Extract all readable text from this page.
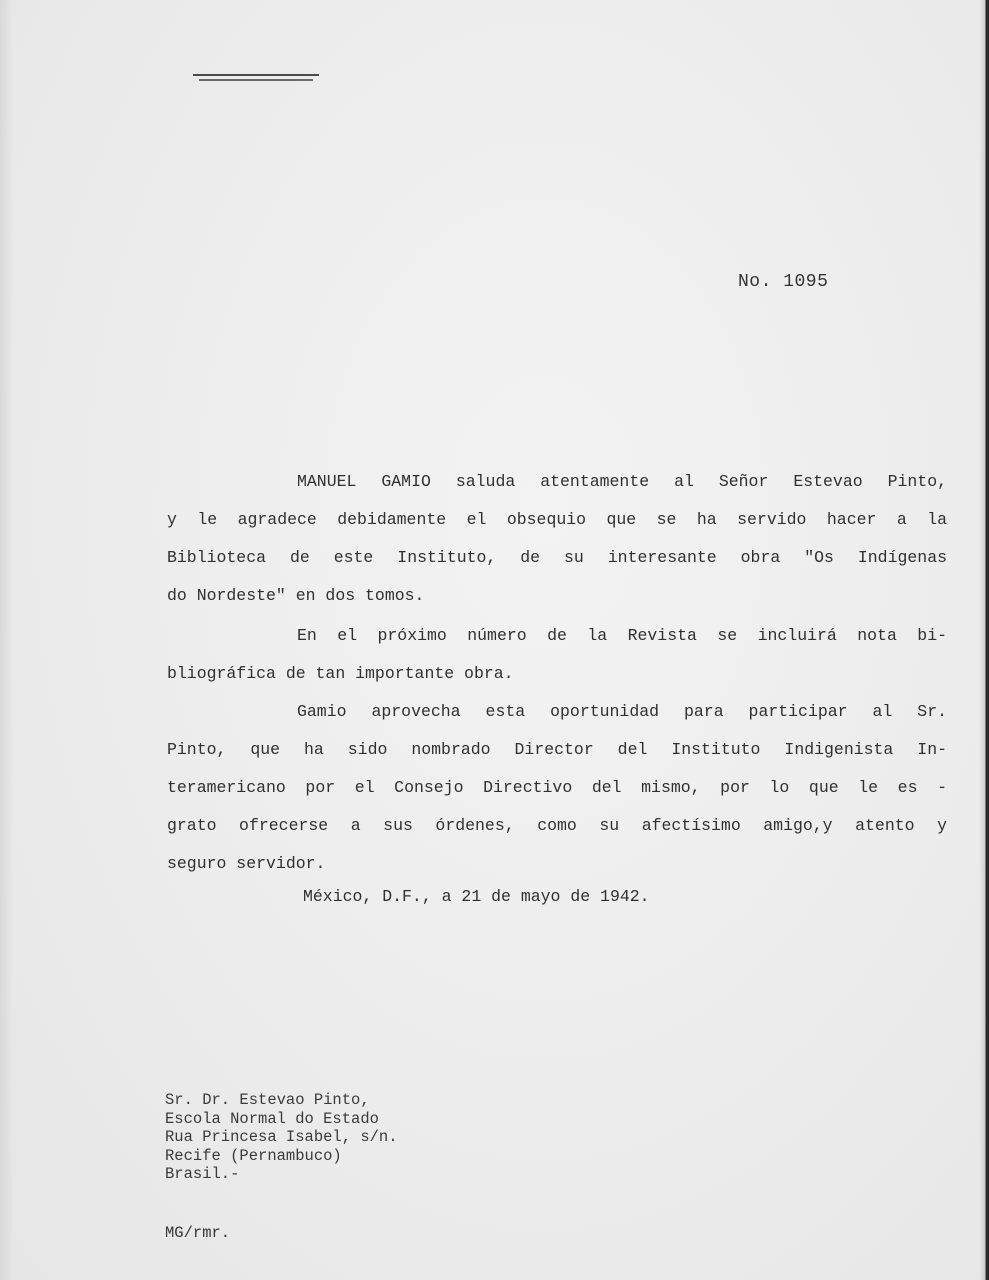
No. 1095
MANUEL GAMIO saluda atentamente al Señor Estevao Pinto,
y le agradece debidamente el obsequio que se ha servido hacer a la
Biblioteca de este Instituto, de su interesante obra "Os Indígenas
do Nordeste" en dos tomos.
En el próximo número de la Revista se incluirá nota bi-
bliográfica de tan importante obra.
Gamio aprovecha esta oportunidad para participar al Sr.
Pinto, que ha sido nombrado Director del Instituto Indigenista In-
teramericano por el Consejo Directivo del mismo, por lo que le es -
grato ofrecerse a sus órdenes, como su afectísimo amigo,y atento y
seguro servidor.
México, D.F., a 21 de mayo de 1942.
Sr. Dr. Estevao Pinto,
Escola Normal do Estado
Rua Princesa Isabel, s/n.
Recife (Pernambuco)
Brasil.-
MG/rmr.
